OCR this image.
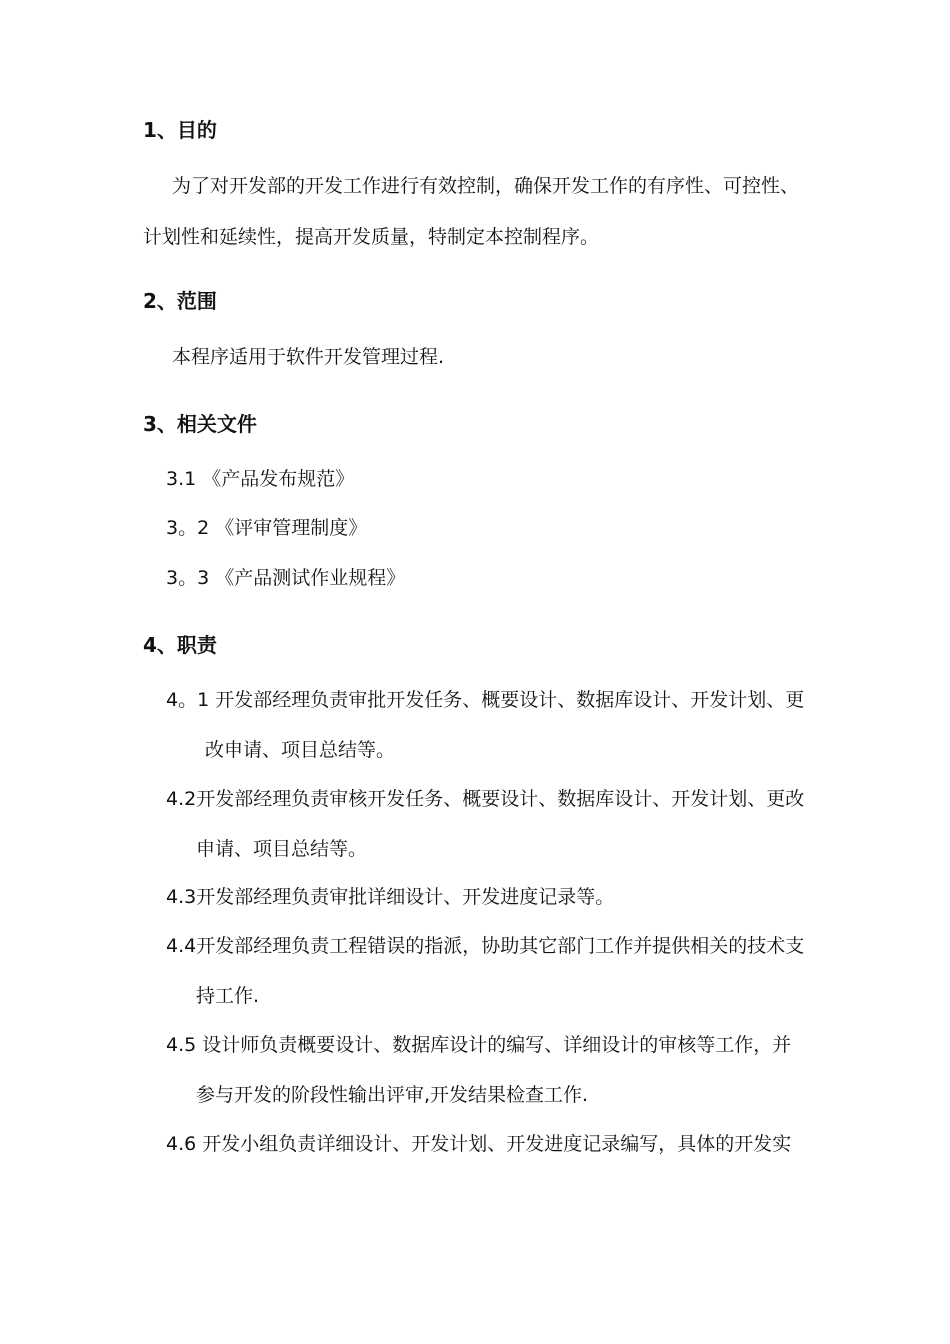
1、目的
为了对开发部的开发工作进行有效控制，确保开发工作的有序性、可控性、
计划性和延续性，提高开发质量，特制定本控制程序。
2、范围
本程序适用于软件开发管理过程.
3、相关文件
3.1 《产品发布规范》
3。2 《评审管理制度》
3。3 《产品测试作业规程》
4、职责
4。1 开发部经理负责审批开发任务、概要设计、数据库设计、开发计划、更
改申请、项目总结等。
4.2开发部经理负责审核开发任务、概要设计、数据库设计、开发计划、更改
申请、项目总结等。
4.3开发部经理负责审批详细设计、开发进度记录等。
4.4开发部经理负责工程错误的指派，协助其它部门工作并提供相关的技术支
持工作.
4.5 设计师负责概要设计、数据库设计的编写、详细设计的审核等工作，并
参与开发的阶段性输出评审,开发结果检查工作.
4.6 开发小组负责详细设计、开发计划、开发进度记录编写，具体的开发实
